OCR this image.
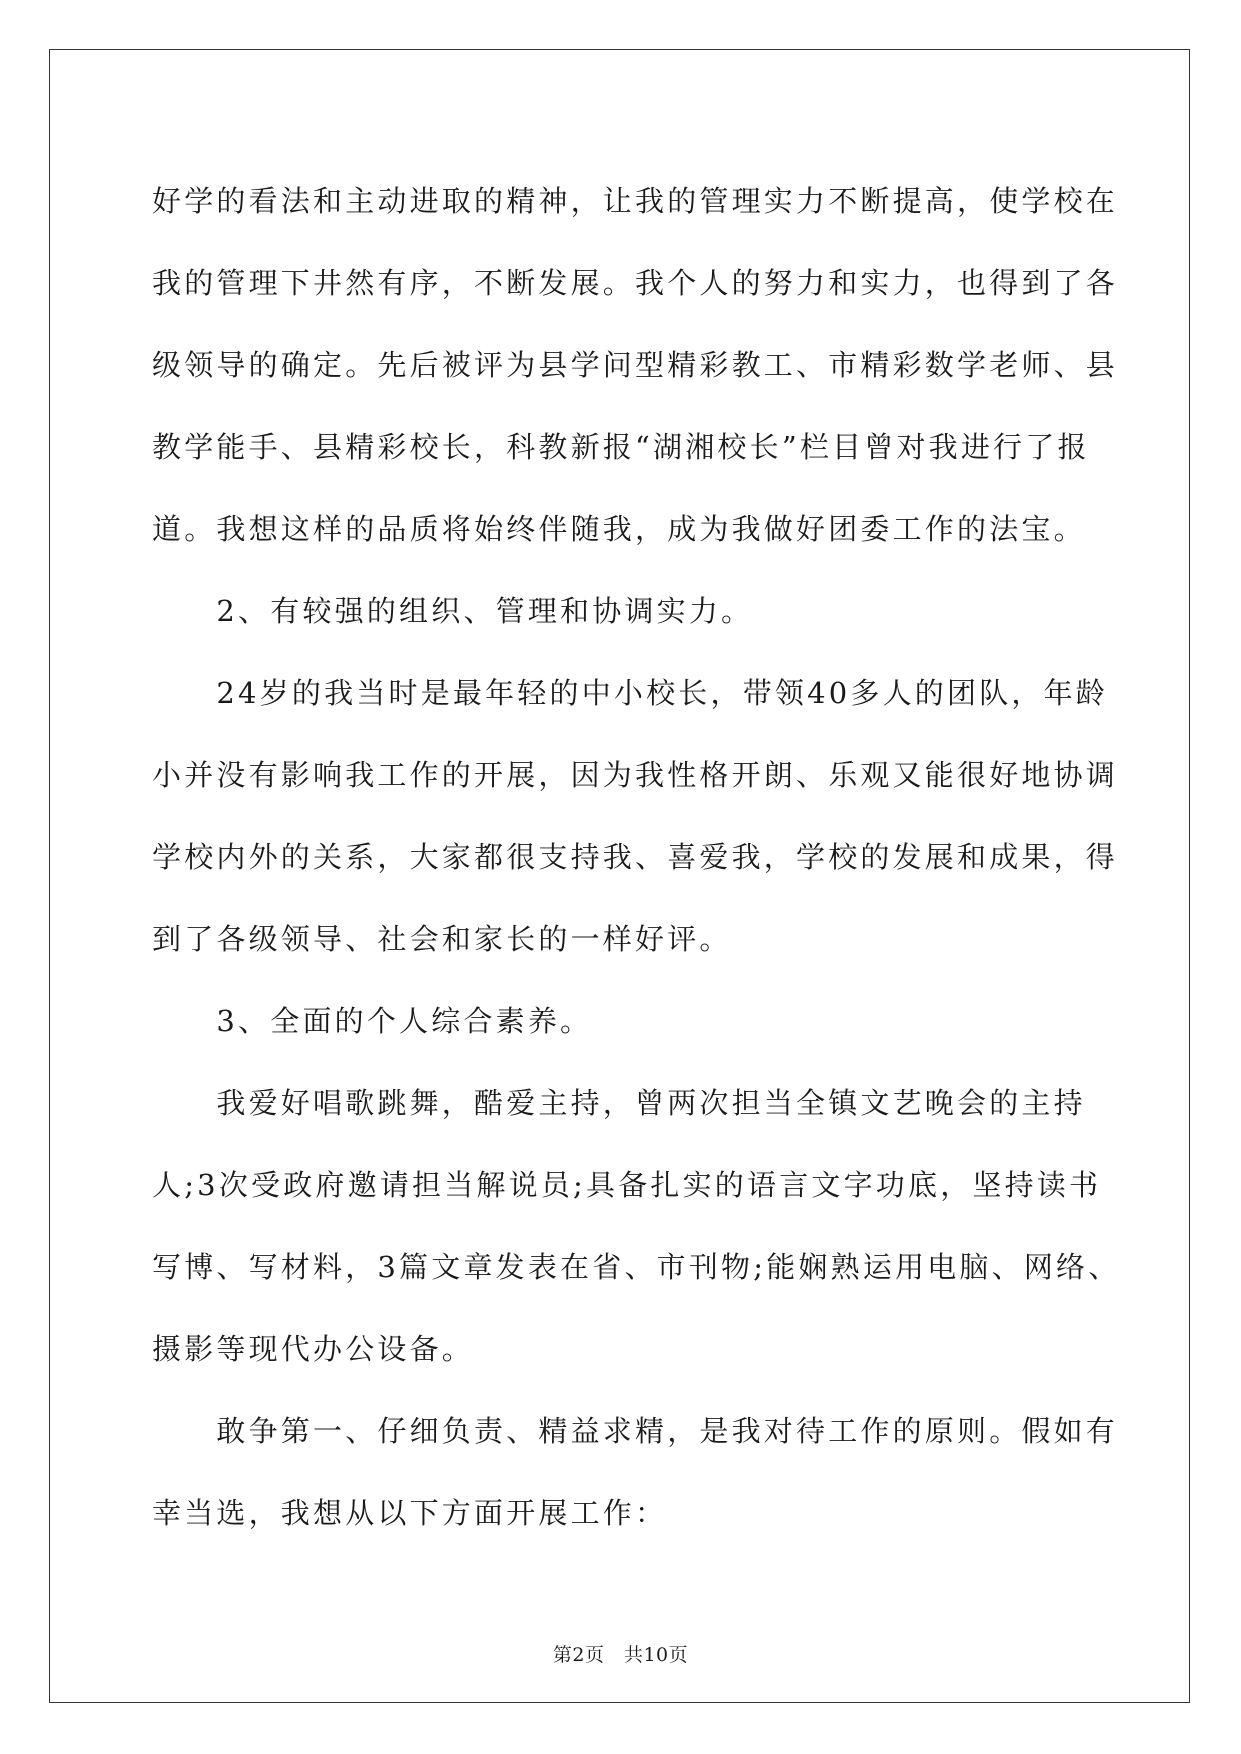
好学的看法和主动进取的精神，让我的管理实力不断提高，使学校在

我的管理下井然有序，不断发展。我个人的努力和实力，也得到了各

级领导的确定。先后被评为县学问型精彩教工、市精彩数学老师、县

教学能手、县精彩校长，科教新报“湖湘校长”栏目曾对我进行了报

道。我想这样的品质将始终伴随我，成为我做好团委工作的法宝。

　　2、有较强的组织、管理和协调实力。

　　24岁的我当时是最年轻的中小校长，带领40多人的团队，年龄

小并没有影响我工作的开展，因为我性格开朗、乐观又能很好地协调

学校内外的关系，大家都很支持我、喜爱我，学校的发展和成果，得

到了各级领导、社会和家长的一样好评。

　　3、全面的个人综合素养。

　　我爱好唱歌跳舞，酷爱主持，曾两次担当全镇文艺晚会的主持

人;3次受政府邀请担当解说员;具备扎实的语言文字功底，坚持读书

写博、写材料，3篇文章发表在省、市刊物;能娴熟运用电脑、网络、

摄影等现代办公设备。

　　敢争第一、仔细负责、精益求精，是我对待工作的原则。假如有

幸当选，我想从以下方面开展工作：

第2页　共10页
